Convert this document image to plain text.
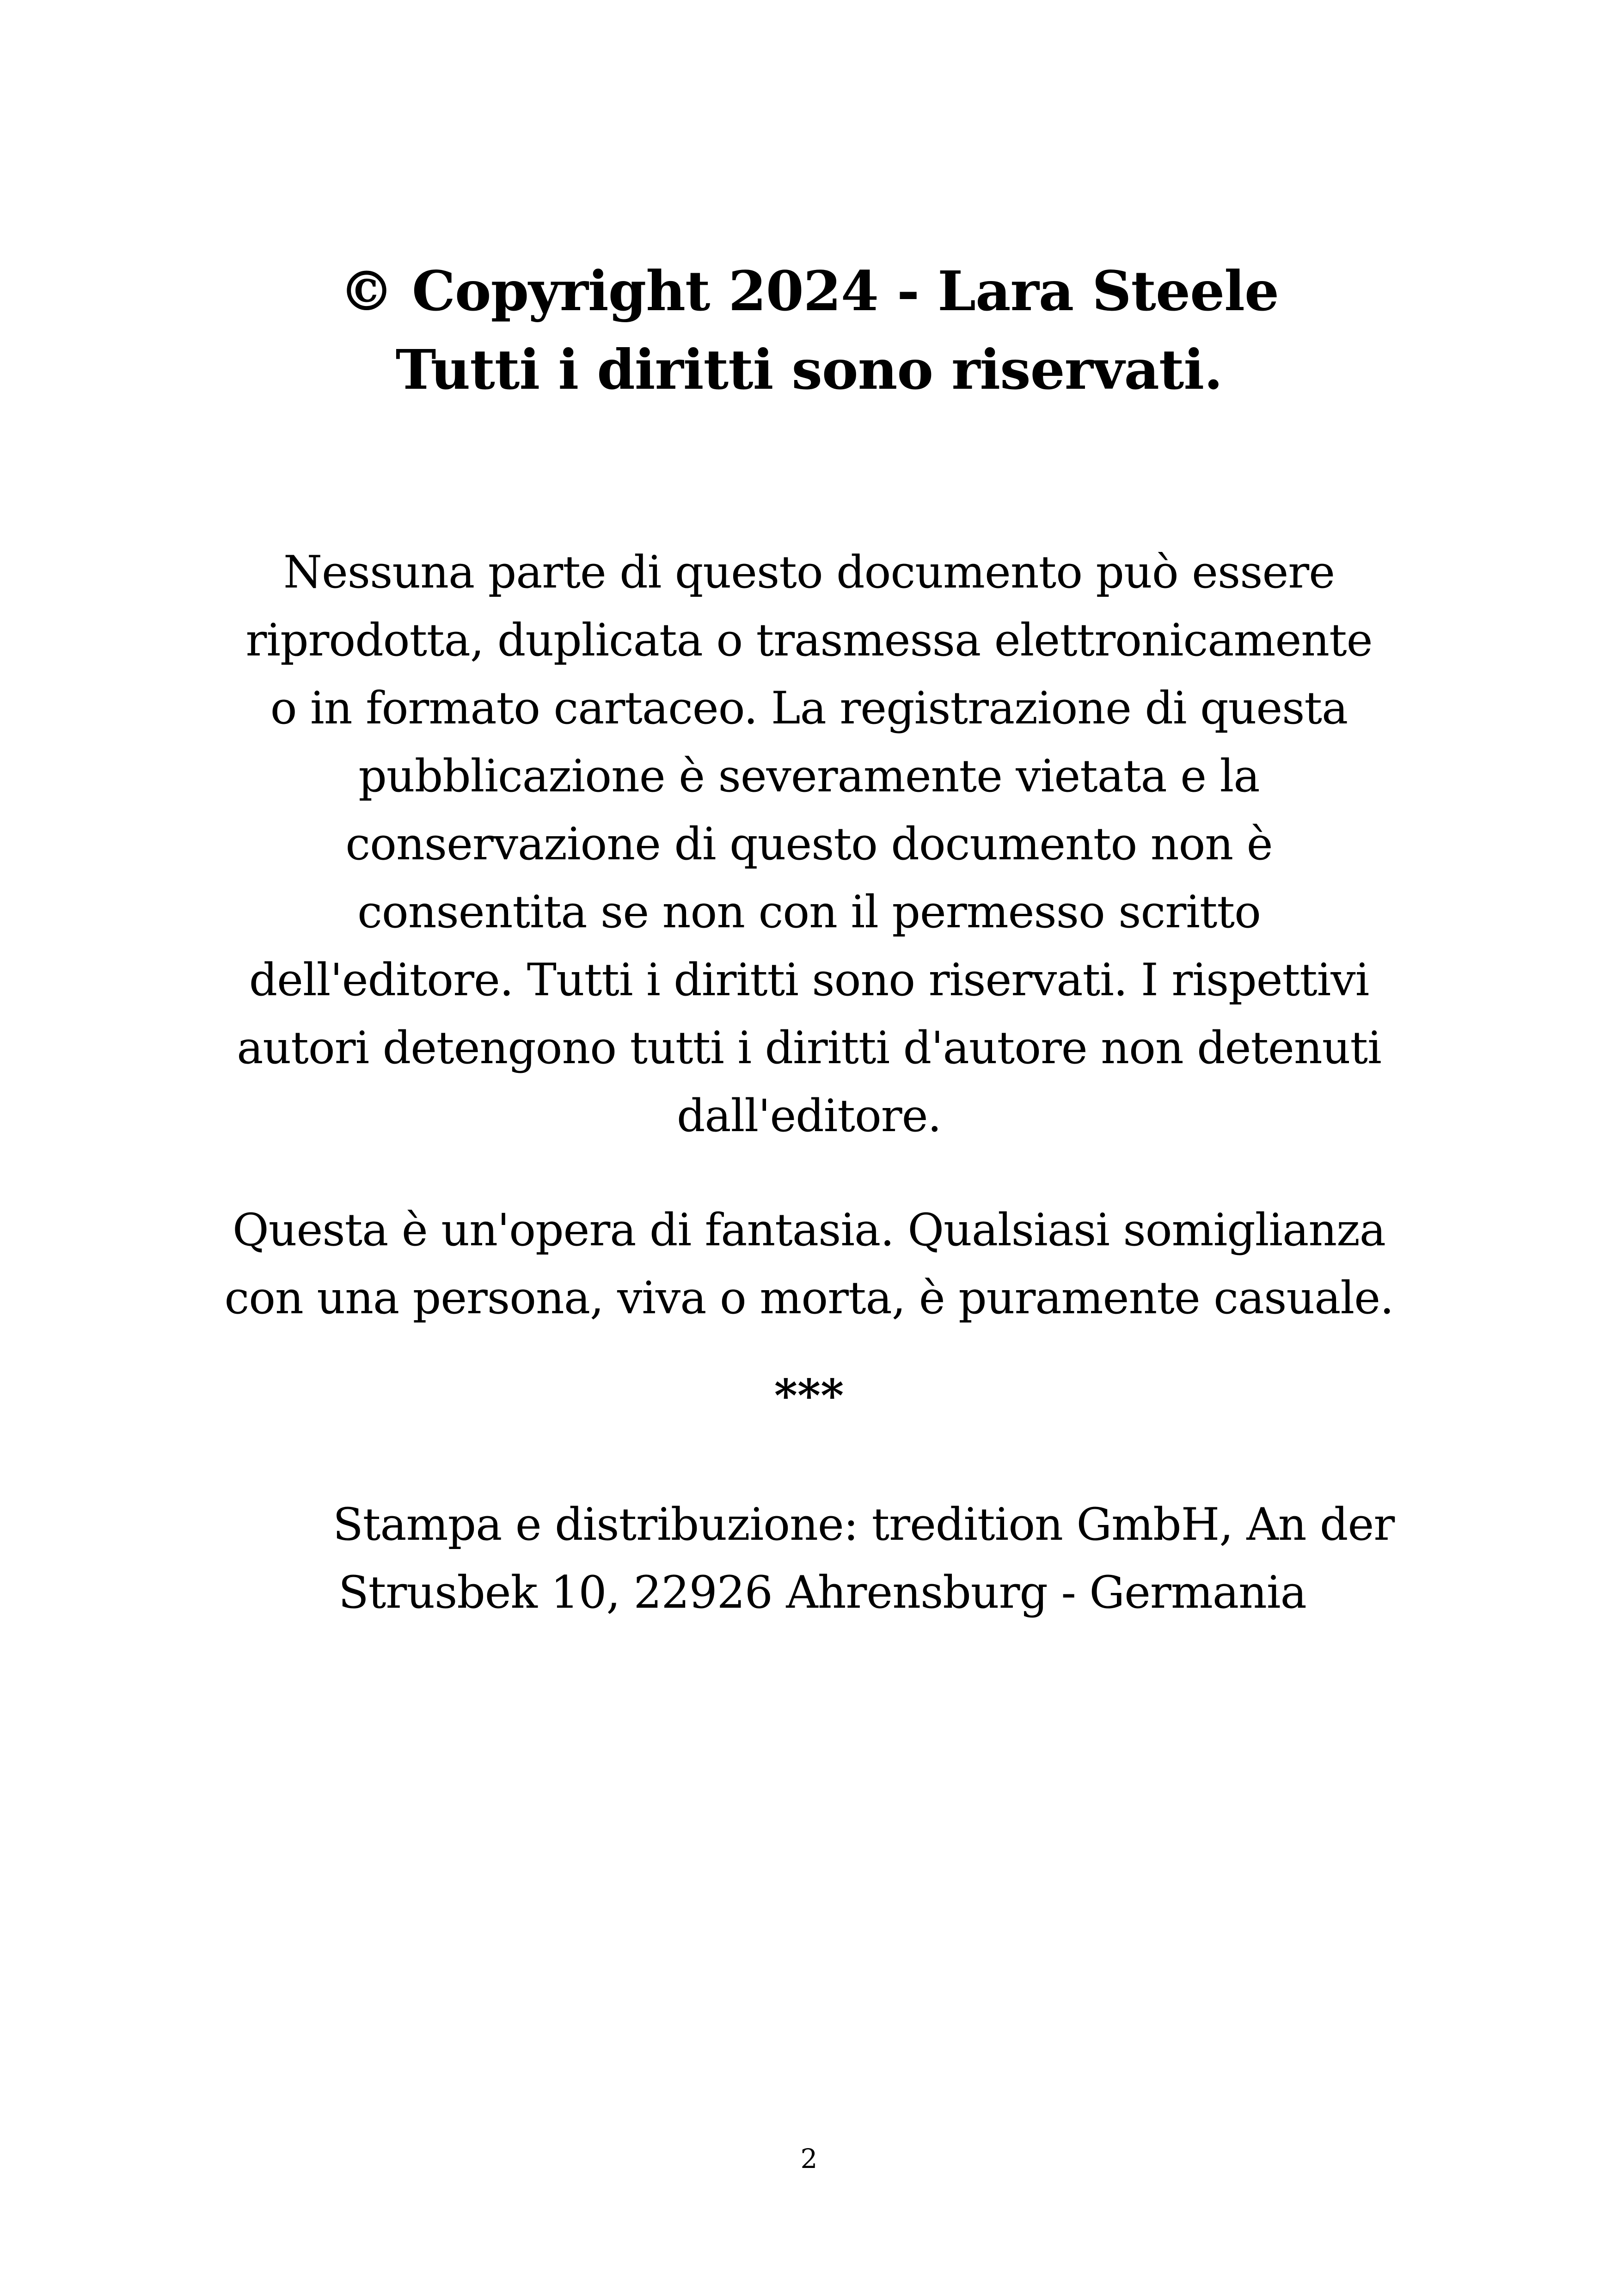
© Copyright 2024 - Lara Steele
Tutti i diritti sono riservati.
Nessuna parte di questo documento può essere
riprodotta, duplicata o trasmessa elettronicamente
o in formato cartaceo. La registrazione di questa
pubblicazione è severamente vietata e la
conservazione di questo documento non è
consentita se non con il permesso scritto
dell'editore. Tutti i diritti sono riservati. I rispettivi
autori detengono tutti i diritti d'autore non detenuti
dall'editore.
Questa è un'opera di fantasia. Qualsiasi somiglianza
con una persona, viva o morta, è puramente casuale.
***
Stampa e distribuzione: tredition GmbH, An der
Strusbek 10, 22926 Ahrensburg - Germania
2
